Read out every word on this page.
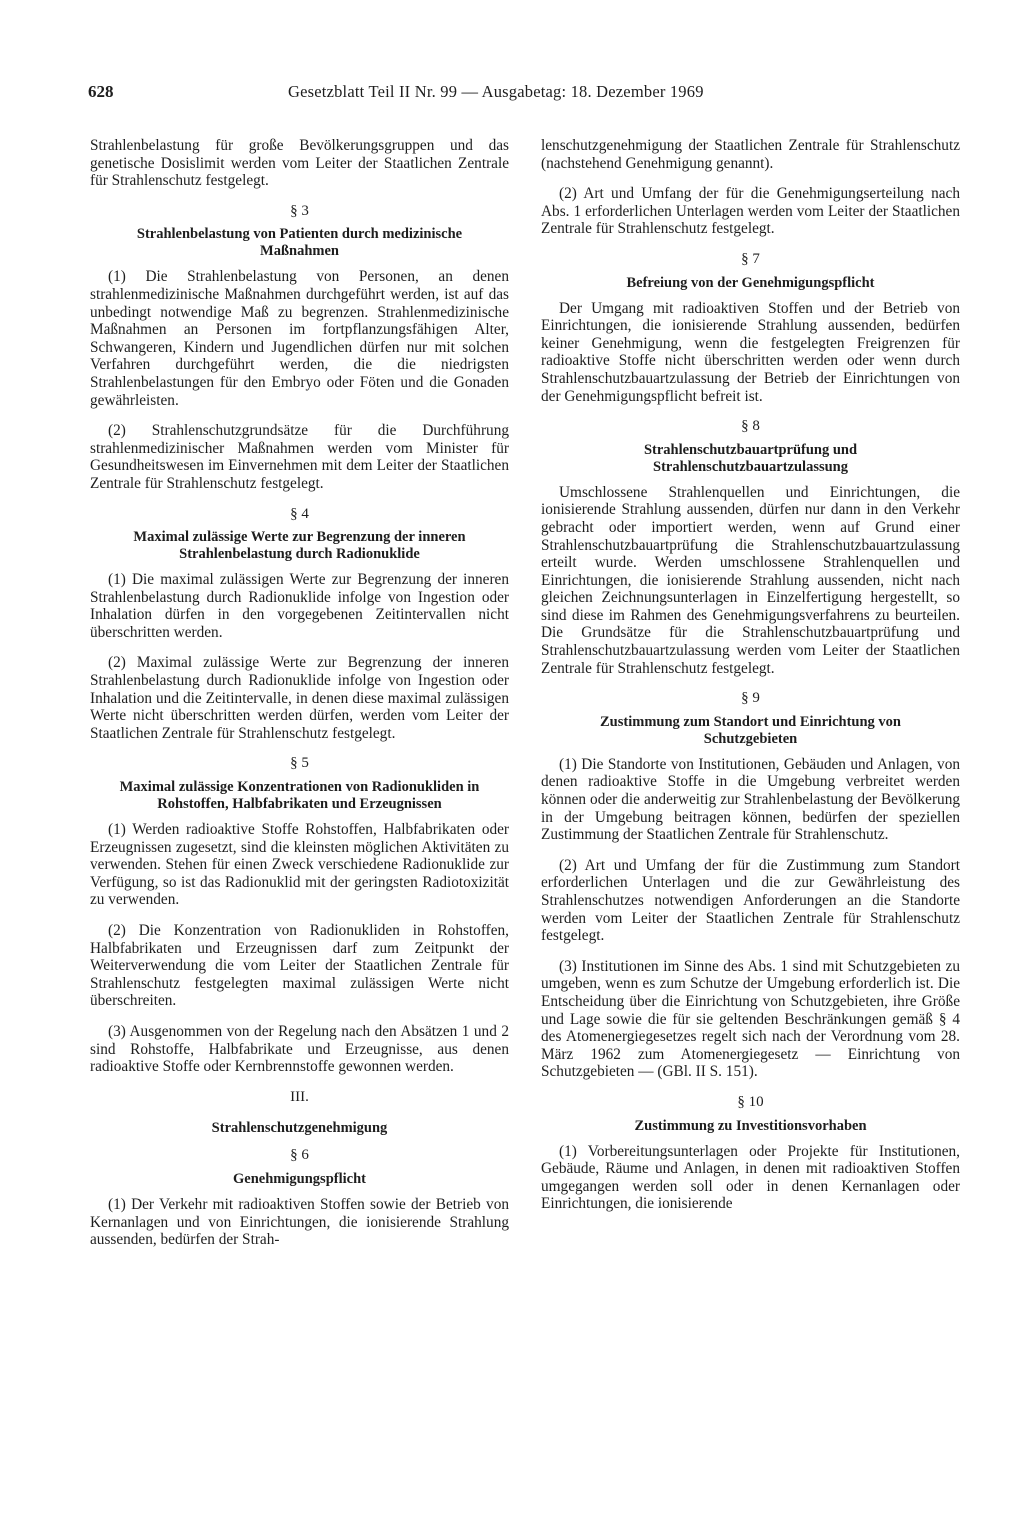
628	Gesetzblatt Teil II Nr. 99 — Ausgabetag: 18. Dezember 1969

Strahlenbelastung für große Bevölkerungsgruppen und das genetische Dosislimit werden vom Leiter der Staatlichen Zentrale für Strahlenschutz festgelegt.

§ 3
Strahlenbelastung von Patienten durch medizinische Maßnahmen

(1) Die Strahlenbelastung von Personen, an denen strahlenmedizinische Maßnahmen durchgeführt werden, ist auf das unbedingt notwendige Maß zu begrenzen. Strahlenmedizinische Maßnahmen an Personen im fortpflanzungsfähigen Alter, Schwangeren, Kindern und Jugendlichen dürfen nur mit solchen Verfahren durchgeführt werden, die die niedrigsten Strahlenbelastungen für den Embryo oder Föten und die Gonaden gewährleisten.

(2) Strahlenschutzgrundsätze für die Durchführung strahlenmedizinischer Maßnahmen werden vom Minister für Gesundheitswesen im Einvernehmen mit dem Leiter der Staatlichen Zentrale für Strahlenschutz festgelegt.

§ 4
Maximal zulässige Werte zur Begrenzung der inneren Strahlenbelastung durch Radionuklide

(1) Die maximal zulässigen Werte zur Begrenzung der inneren Strahlenbelastung durch Radionuklide infolge von Ingestion oder Inhalation dürfen in den vorgegebenen Zeitintervallen nicht überschritten werden.

(2) Maximal zulässige Werte zur Begrenzung der inneren Strahlenbelastung durch Radionuklide infolge von Ingestion oder Inhalation und die Zeitintervalle, in denen diese maximal zulässigen Werte nicht überschritten werden dürfen, werden vom Leiter der Staatlichen Zentrale für Strahlenschutz festgelegt.

§ 5
Maximal zulässige Konzentrationen von Radionukliden in Rohstoffen, Halbfabrikaten und Erzeugnissen

(1) Werden radioaktive Stoffe Rohstoffen, Halbfabrikaten oder Erzeugnissen zugesetzt, sind die kleinsten möglichen Aktivitäten zu verwenden. Stehen für einen Zweck verschiedene Radionuklide zur Verfügung, so ist das Radionuklid mit der geringsten Radiotoxizität zu verwenden.

(2) Die Konzentration von Radionukliden in Rohstoffen, Halbfabrikaten und Erzeugnissen darf zum Zeitpunkt der Weiterverwendung die vom Leiter der Staatlichen Zentrale für Strahlenschutz festgelegten maximal zulässigen Werte nicht überschreiten.

(3) Ausgenommen von der Regelung nach den Absätzen 1 und 2 sind Rohstoffe, Halbfabrikate und Erzeugnisse, aus denen radioaktive Stoffe oder Kernbrennstoffe gewonnen werden.

III.
Strahlenschutzgenehmigung
§ 6
Genehmigungspflicht

(1) Der Verkehr mit radioaktiven Stoffen sowie der Betrieb von Kernanlagen und von Einrichtungen, die ionisierende Strahlung aussenden, bedürfen der Strah-

lenschutzgenehmigung der Staatlichen Zentrale für Strahlenschutz (nachstehend Genehmigung genannt).

(2) Art und Umfang der für die Genehmigungserteilung nach Abs. 1 erforderlichen Unterlagen werden vom Leiter der Staatlichen Zentrale für Strahlenschutz festgelegt.

§ 7
Befreiung von der Genehmigungspflicht

Der Umgang mit radioaktiven Stoffen und der Betrieb von Einrichtungen, die ionisierende Strahlung aussenden, bedürfen keiner Genehmigung, wenn die festgelegten Freigrenzen für radioaktive Stoffe nicht überschritten werden oder wenn durch Strahlenschutzbauartzulassung der Betrieb der Einrichtungen von der Genehmigungspflicht befreit ist.

§ 8
Strahlenschutzbauartprüfung und Strahlenschutzbauartzulassung

Umschlossene Strahlenquellen und Einrichtungen, die ionisierende Strahlung aussenden, dürfen nur dann in den Verkehr gebracht oder importiert werden, wenn auf Grund einer Strahlenschutzbauartprüfung die Strahlenschutzbauartzulassung erteilt wurde. Werden umschlossene Strahlenquellen und Einrichtungen, die ionisierende Strahlung aussenden, nicht nach gleichen Zeichnungsunterlagen in Einzelfertigung hergestellt, so sind diese im Rahmen des Genehmigungsverfahrens zu beurteilen. Die Grundsätze für die Strahlenschutzbauartprüfung und Strahlenschutzbauartzulassung werden vom Leiter der Staatlichen Zentrale für Strahlenschutz festgelegt.

§ 9
Zustimmung zum Standort und Einrichtung von Schutzgebieten

(1) Die Standorte von Institutionen, Gebäuden und Anlagen, von denen radioaktive Stoffe in die Umgebung verbreitet werden können oder die anderweitig zur Strahlenbelastung der Bevölkerung in der Umgebung beitragen können, bedürfen der speziellen Zustimmung der Staatlichen Zentrale für Strahlenschutz.

(2) Art und Umfang der für die Zustimmung zum Standort erforderlichen Unterlagen und die zur Gewährleistung des Strahlenschutzes notwendigen Anforderungen an die Standorte werden vom Leiter der Staatlichen Zentrale für Strahlenschutz festgelegt.

(3) Institutionen im Sinne des Abs. 1 sind mit Schutzgebieten zu umgeben, wenn es zum Schutze der Umgebung erforderlich ist. Die Entscheidung über die Einrichtung von Schutzgebieten, ihre Größe und Lage sowie die für sie geltenden Beschränkungen gemäß § 4 des Atomenergiegesetzes regelt sich nach der Verordnung vom 28. März 1962 zum Atomenergiegesetz — Einrichtung von Schutzgebieten — (GBl. II S. 151).

§ 10
Zustimmung zu Investitionsvorhaben

(1) Vorbereitungsunterlagen oder Projekte für Institutionen, Gebäude, Räume und Anlagen, in denen mit radioaktiven Stoffen umgegangen werden soll oder in denen Kernanlagen oder Einrichtungen, die ionisierende
